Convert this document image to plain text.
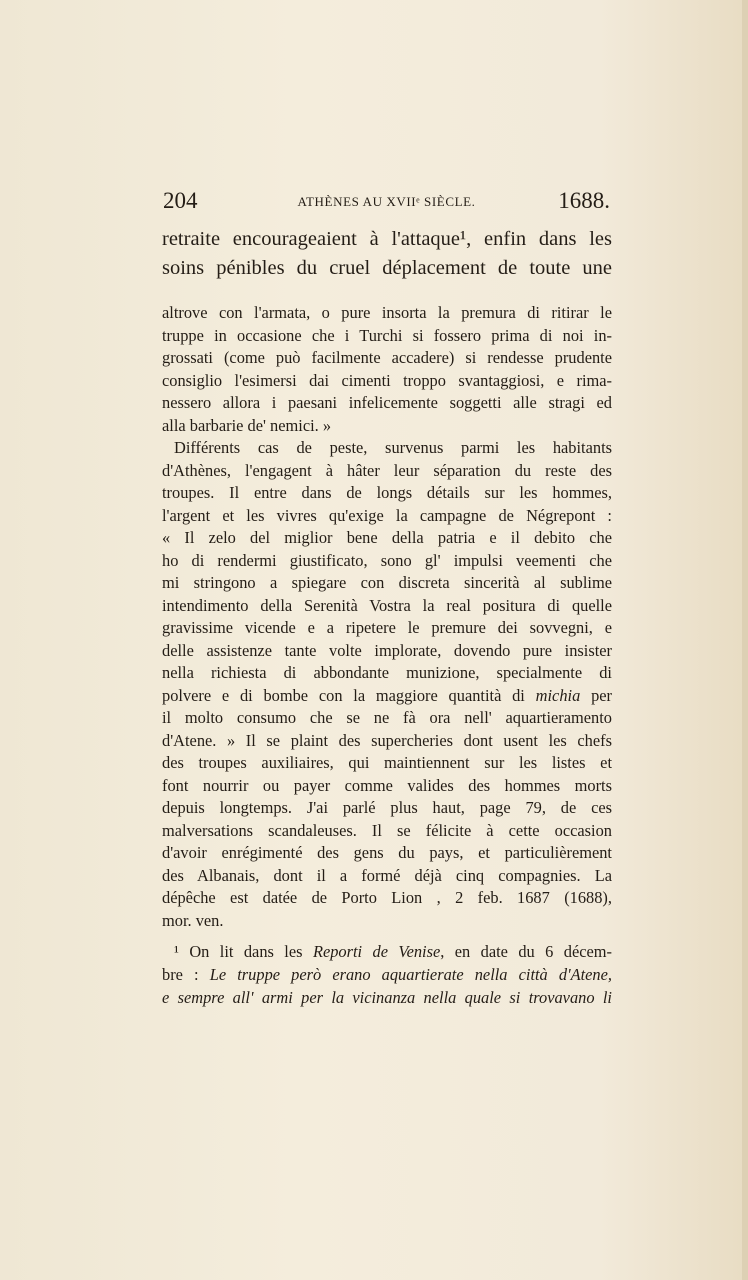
204	ATHÈNES AU XVIIᵉ SIÈCLE.	1688.
retraite encourageaient à l'attaque¹, enfin dans les
soins pénibles du cruel déplacement de toute une
altrove con l'armata, o pure insorta la premura di ritirar le
truppe in occasione che i Turchi si fossero prima di noi in-
grossati (come può facilmente accadere) si rendesse prudente
consiglio l'esimersi dai cimenti troppo svantaggiosi, e rima-
nessero allora i paesani infelicemente soggetti alle stragi ed
alla barbarie de' nemici. »
Différents cas de peste, survenus parmi les habitants
d'Athènes, l'engagent à hâter leur séparation du reste des
troupes. Il entre dans de longs détails sur les hommes,
l'argent et les vivres qu'exige la campagne de Négrepont :
« Il zelo del miglior bene della patria e il debito che
ho di rendermi giustificato, sono gl' impulsi veementi che
mi stringono a spiegare con discreta sincerità al sublime
intendimento della Serenità Vostra la real positura di quelle
gravissime vicende e a ripetere le premure dei sovvegni, e
delle assistenze tante volte implorate, dovendo pure insister
nella richiesta di abbondante munizione, specialmente di
polvere e di bombe con la maggiore quantità di michia per
il molto consumo che se ne fà ora nell' aquartieramento
d'Atene. » Il se plaint des supercheries dont usent les chefs
des troupes auxiliaires, qui maintiennent sur les listes et
font nourrir ou payer comme valides des hommes morts
depuis longtemps. J'ai parlé plus haut, page 79, de ces
malversations scandaleuses. Il se félicite à cette occasion
d'avoir enrégimenté des gens du pays, et particulièrement
des Albanais, dont il a formé déjà cinq compagnies. La
dépêche est datée de Porto Lion , 2 feb. 1687 (1688),
mor. ven.
¹ On lit dans les Reporti de Venise, en date du 6 décem-
bre : Le truppe però erano aquartierate nella città d'Atene,
e sempre all' armi per la vicinanza nella quale si trovavano li
